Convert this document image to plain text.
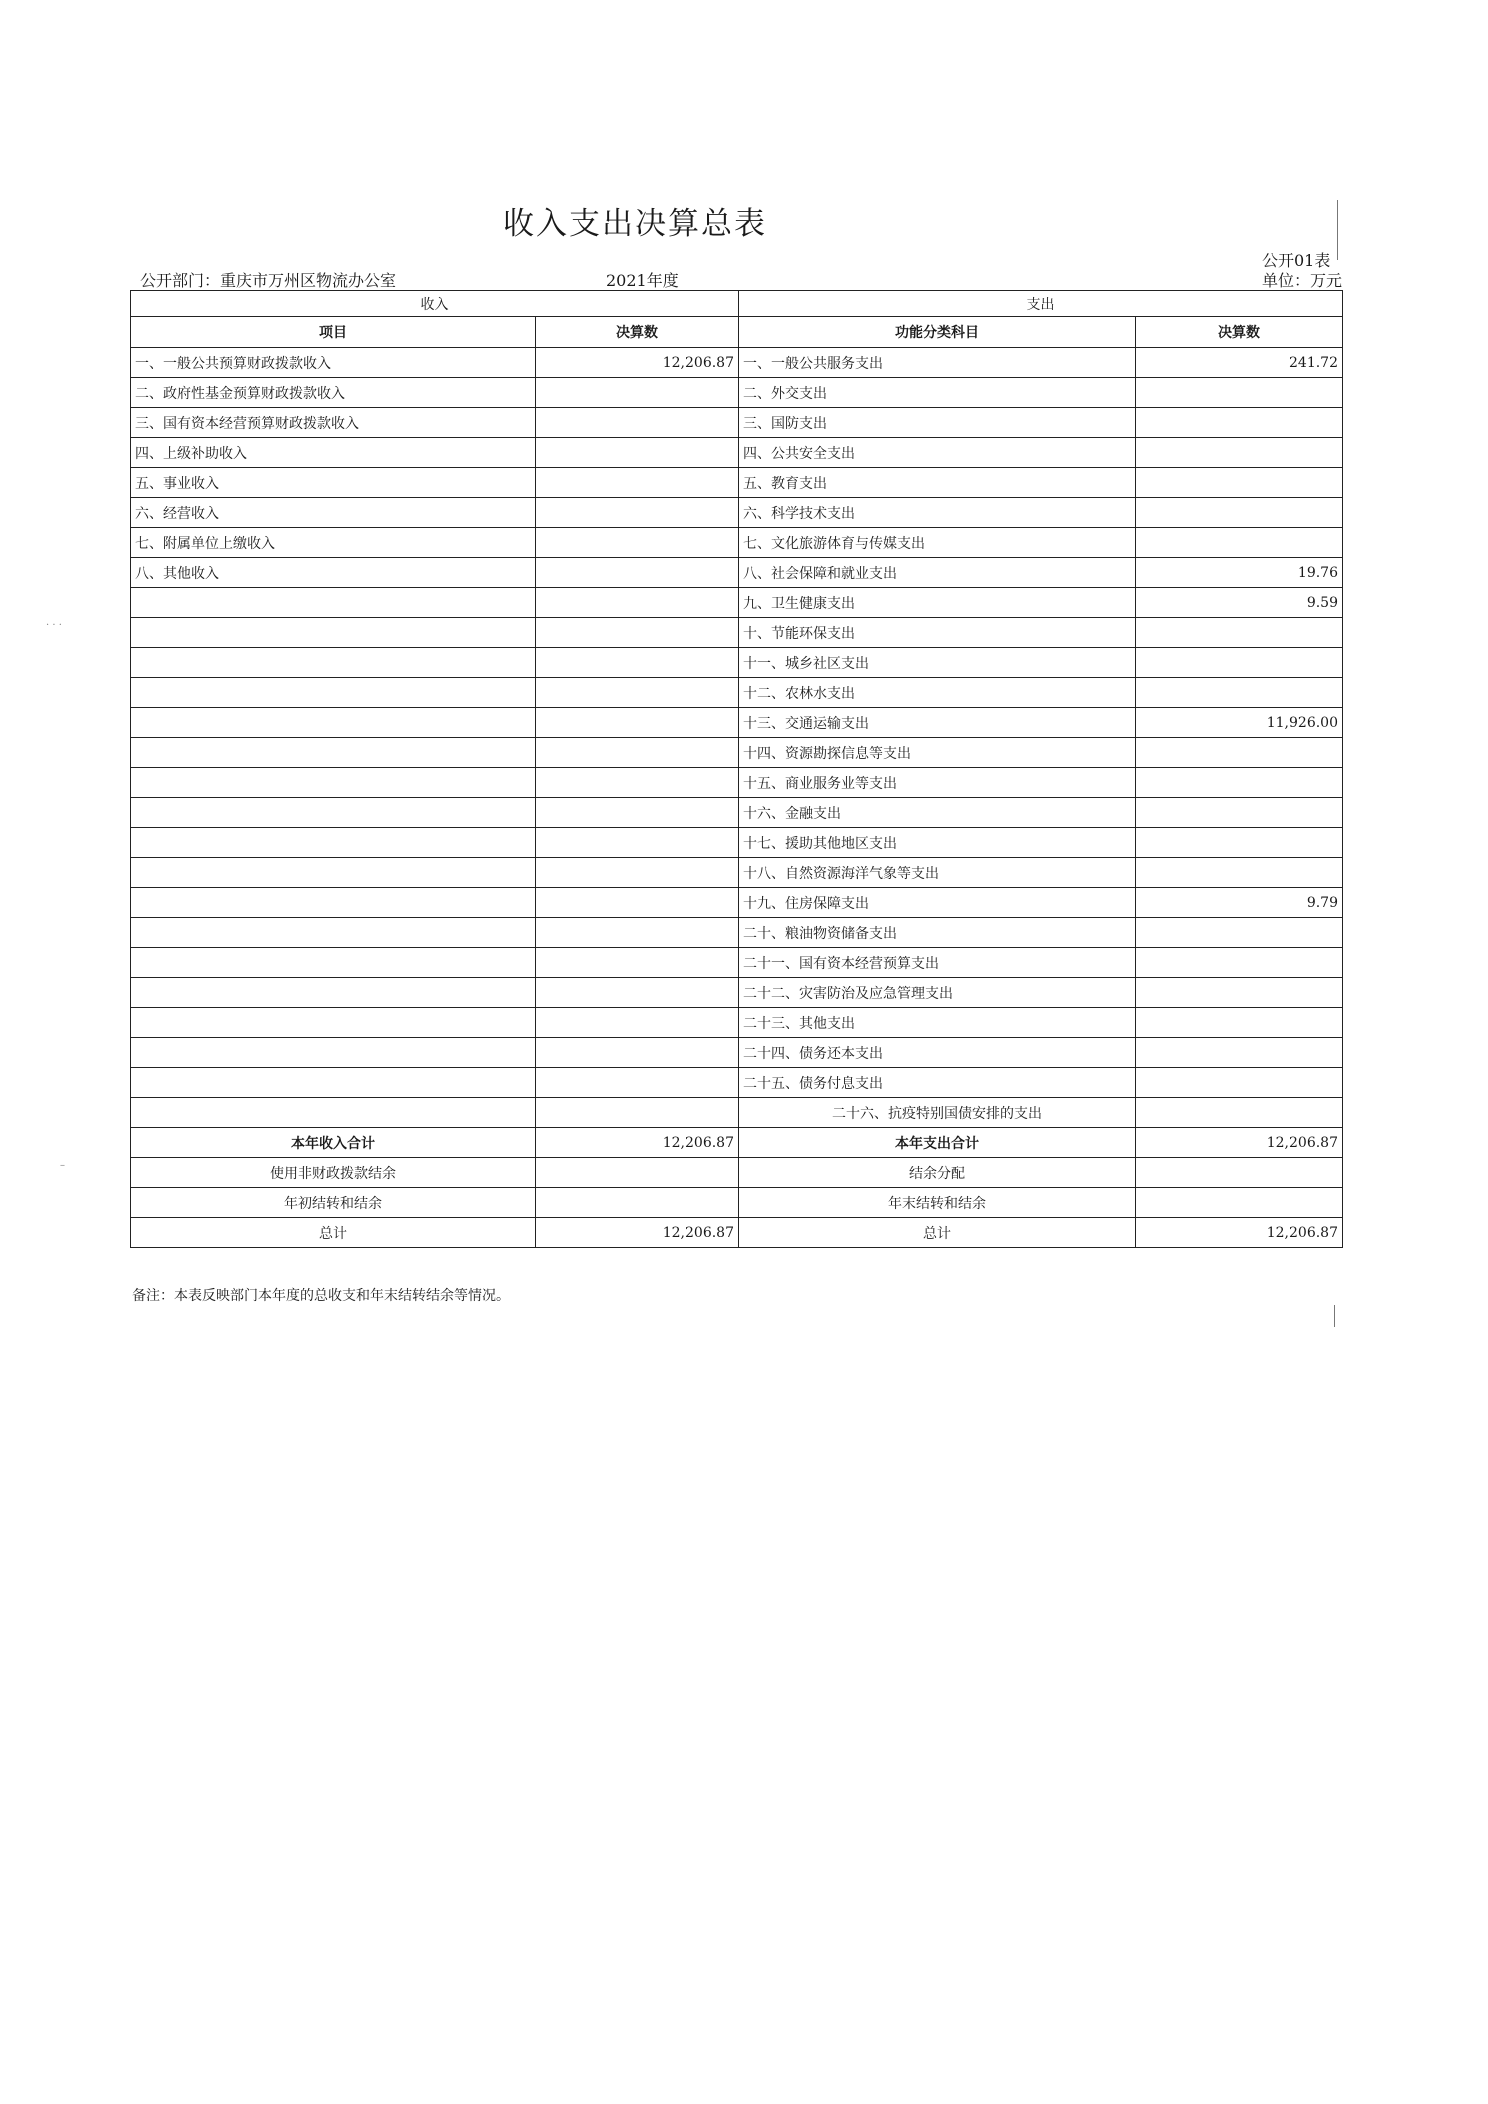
收入支出决算总表
· · ·
–
公开01表
公开部门：重庆市万州区物流办公室	2021年度	单位：万元
收入		支出	
项目	决算数	功能分类科目	决算数
一、一般公共预算财政拨款收入	12,206.87	一、一般公共服务支出	241.72
二、政府性基金预算财政拨款收入		二、外交支出	
三、国有资本经营预算财政拨款收入		三、国防支出	
四、上级补助收入		四、公共安全支出	
五、事业收入		五、教育支出	
六、经营收入		六、科学技术支出	
七、附属单位上缴收入		七、文化旅游体育与传媒支出	
八、其他收入		八、社会保障和就业支出	19.76
		九、卫生健康支出	9.59
		十、节能环保支出	
		十一、城乡社区支出	
		十二、农林水支出	
		十三、交通运输支出	11,926.00
		十四、资源勘探信息等支出	
		十五、商业服务业等支出	
		十六、金融支出	
		十七、援助其他地区支出	
		十八、自然资源海洋气象等支出	
		十九、住房保障支出	9.79
		二十、粮油物资储备支出	
		二十一、国有资本经营预算支出	
		二十二、灾害防治及应急管理支出	
		二十三、其他支出	
		二十四、债务还本支出	
		二十五、债务付息支出	
		二十六、抗疫特别国债安排的支出	
本年收入合计	12,206.87	本年支出合计	12,206.87
使用非财政拨款结余		结余分配	
年初结转和结余		年末结转和结余	
总计	12,206.87	总计	12,206.87
备注：本表反映部门本年度的总收支和年末结转结余等情况。
